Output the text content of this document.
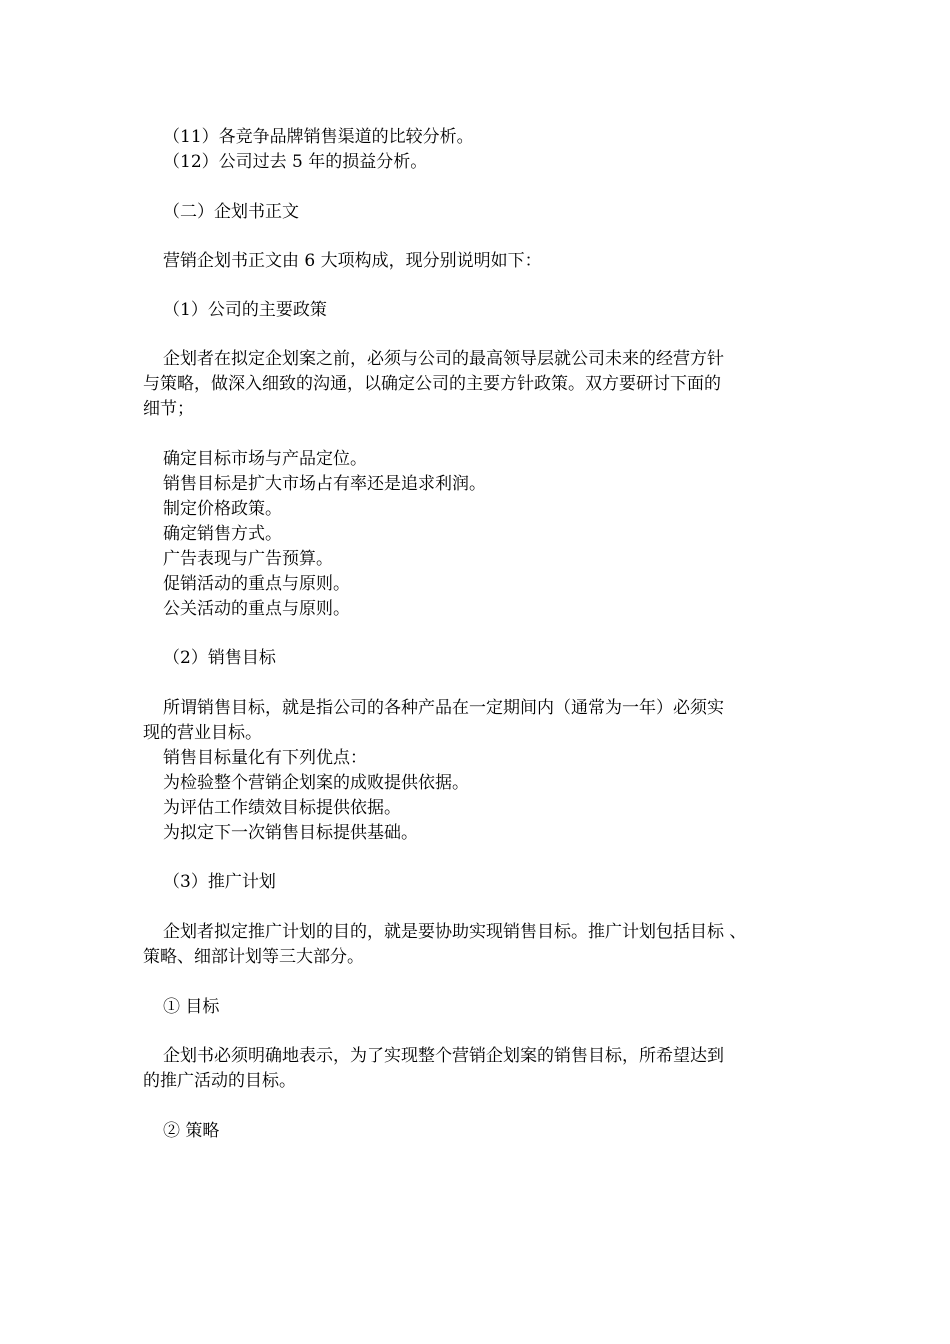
（11）各竞争品牌销售渠道的比较分析。

（12）公司过去 5 年的损益分析。

（二）企划书正文

营销企划书正文由 6 大项构成，现分别说明如下：

（1）公司的主要政策

企划者在拟定企划案之前，必须与公司的最高领导层就公司未来的经营方针

与策略，做深入细致的沟通，以确定公司的主要方针政策。双方要研讨下面的

细节；

确定目标市场与产品定位。

销售目标是扩大市场占有率还是追求利润。

制定价格政策。

确定销售方式。

广告表现与广告预算。

促销活动的重点与原则。

公关活动的重点与原则。

（2）销售目标

所谓销售目标，就是指公司的各种产品在一定期间内（通常为一年）必须实

现的营业目标。

销售目标量化有下列优点：

为检验整个营销企划案的成败提供依据。

为评估工作绩效目标提供依据。

为拟定下一次销售目标提供基础。

（3）推广计划

企划者拟定推广计划的目的，就是要协助实现销售目标。推广计划包括目标 、

策略、细部计划等三大部分。

① 目标

企划书必须明确地表示，为了实现整个营销企划案的销售目标，所希望达到

的推广活动的目标。

② 策略
